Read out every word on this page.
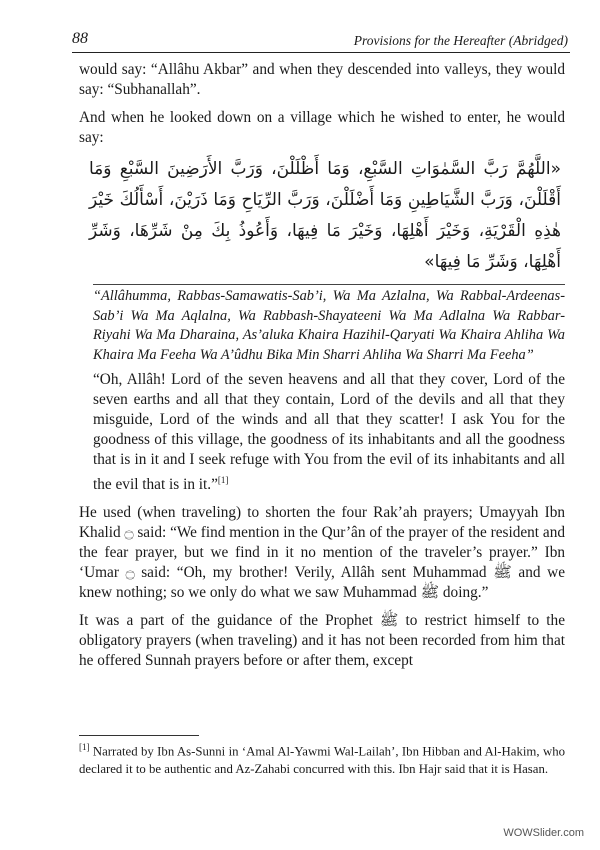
88	Provisions for the Hereafter (Abridged)

would say: “Allâhu Akbar” and when they descended into valleys, they would say: “Subhanallah”.

And when he looked down on a village which he wished to enter, he would say:

«اللَّهُمَّ رَبَّ السَّمٰوَاتِ السَّبْعِ، وَمَا أَظْلَلْنَ، وَرَبَّ الأَرَضِينَ السَّبْعِ وَمَا أَقْلَلْنَ، وَرَبَّ الشَّيَاطِينِ وَمَا أَضْلَلْنَ، وَرَبَّ الرِّيَاحِ وَمَا ذَرَيْنَ، أَسْأَلُكَ خَيْرَ هٰذِهِ الْقَرْيَةِ، وَخَيْرَ أَهْلِهَا، وَخَيْرَ مَا فِيهَا، وَأَعُوذُ بِكَ مِنْ شَرِّهَا، وَشَرِّ أَهْلِهَا، وَشَرِّ مَا فِيهَا»

“Allâhumma, Rabbas-Samawatis-Sab’i, Wa Ma Azlalna, Wa Rabbal-Ardeenas-Sab’i Wa Ma Aqlalna, Wa Rabbash-Shayateeni Wa Ma Adlalna Wa Rabbar-Riyahi Wa Ma Dharaina, As’aluka Khaira Hazihil-Qaryati Wa Khaira Ahliha Wa Khaira Ma Feeha Wa A’ûdhu Bika Min Sharri Ahliha Wa Sharri Ma Feeha”

“Oh, Allâh! Lord of the seven heavens and all that they cover, Lord of the seven earths and all that they contain, Lord of the devils and all that they misguide, Lord of the winds and all that they scatter! I ask You for the goodness of this village, the goodness of its inhabitants and all the goodness that is in it and I seek refuge with You from the evil of its inhabitants and all the evil that is in it.”[1]

He used (when traveling) to shorten the four Rak’ah prayers; Umayyah Ibn Khalid ۝ said: “We find mention in the Qur’ân of the prayer of the resident and the fear prayer, but we find in it no mention of the traveler’s prayer.” Ibn ‘Umar ۝ said: “Oh, my brother! Verily, Allâh sent Muhammad ﷺ and we knew nothing; so we only do what we saw Muhammad ﷺ doing.”

It was a part of the guidance of the Prophet ﷺ to restrict himself to the obligatory prayers (when traveling) and it has not been recorded from him that he offered Sunnah prayers before or after them, except

[1] Narrated by Ibn As-Sunni in ‘Amal Al-Yawmi Wal-Lailah’, Ibn Hibban and Al-Hakim, who declared it to be authentic and Az-Zahabi concurred with this. Ibn Hajr said that it is Hasan.
WOWSlider.com
